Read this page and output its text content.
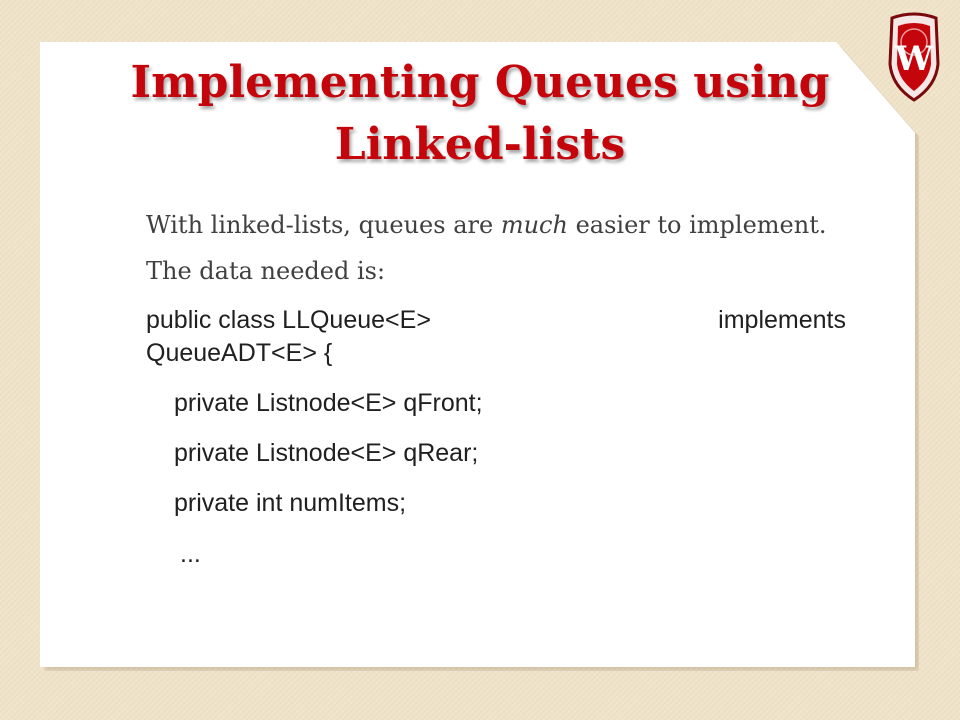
W
Implementing Queues using
Linked-lists

With linked-lists, queues are much easier to implement.

The data needed is:

public class LLQueue<E>	implements
QueueADT<E> {
private Listnode<E> qFront;
private Listnode<E> qRear;
private int numItems;
...
